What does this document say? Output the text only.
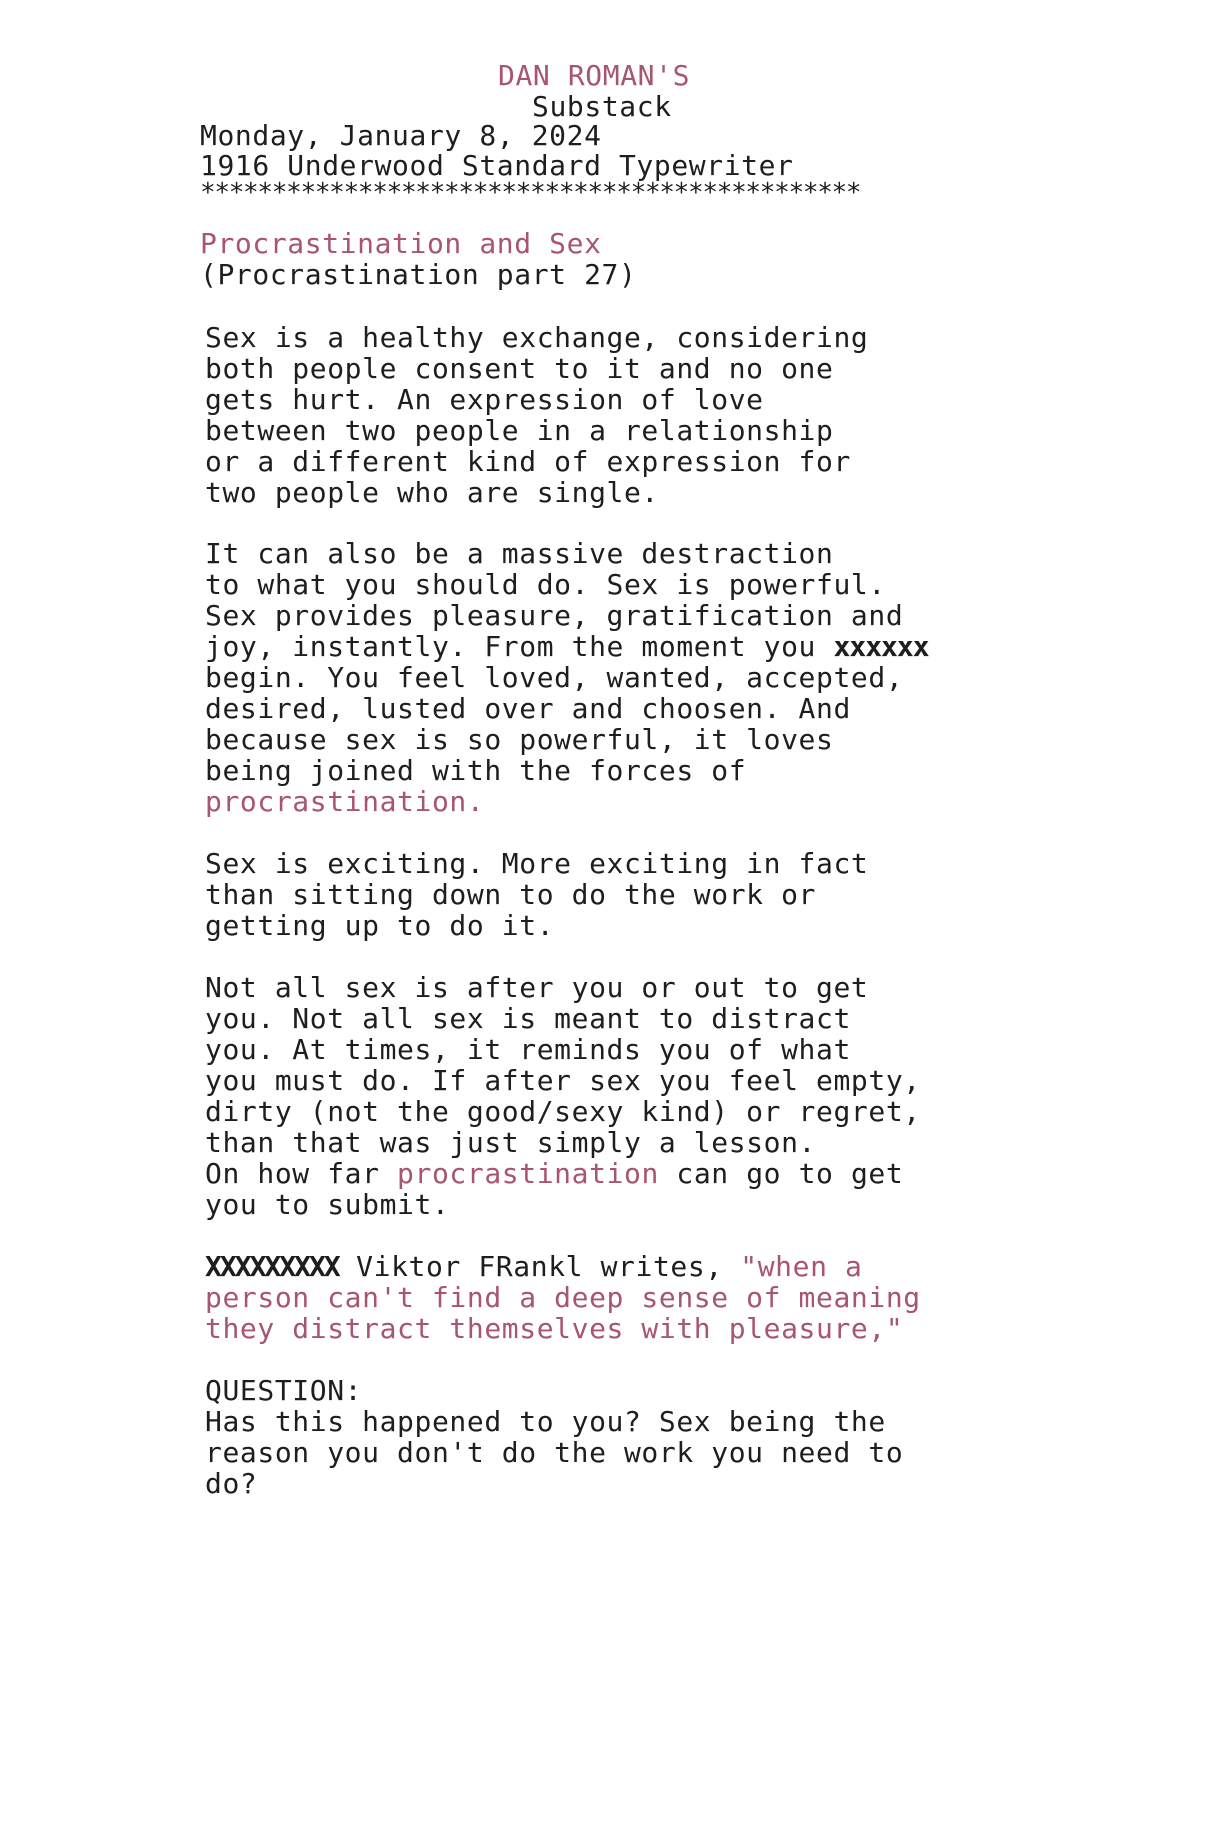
DAN ROMAN'S
Substack
Monday, January 8, 2024
1916 Underwood Standard Typewriter
**********************************************
Procrastination and Sex
(Procrastination part 27)
Sex is a healthy exchange, considering
both people consent to it and no one
gets hurt. An expression of love
between two people in a relationship
or a different kind of expression for
two people who are single.
It can also be a massive destraction
to what you should do. Sex is powerful.
Sex provides pleasure, gratification and
joy, instantly. From the moment you xxxxxx
begin. You feel loved, wanted, accepted,
desired, lusted over and choosen. And
because sex is so powerful, it loves
being joined with the forces of
procrastination.
Sex is exciting. More exciting in fact
than sitting down to do the work or
getting up to do it.
Not all sex is after you or out to get
you. Not all sex is meant to distract
you. At times, it reminds you of what
you must do. If after sex you feel empty,
dirty (not the good/sexy kind) or regret,
than that was just simply a lesson.
On how far procrastination can go to get
you to submit.
XXXXXXXXX Viktor FRankl writes, "when a
person can't find a deep sense of meaning
they distract themselves with pleasure,"
QUESTION:
Has this happened to you? Sex being the
reason you don't do the work you need to
do?
